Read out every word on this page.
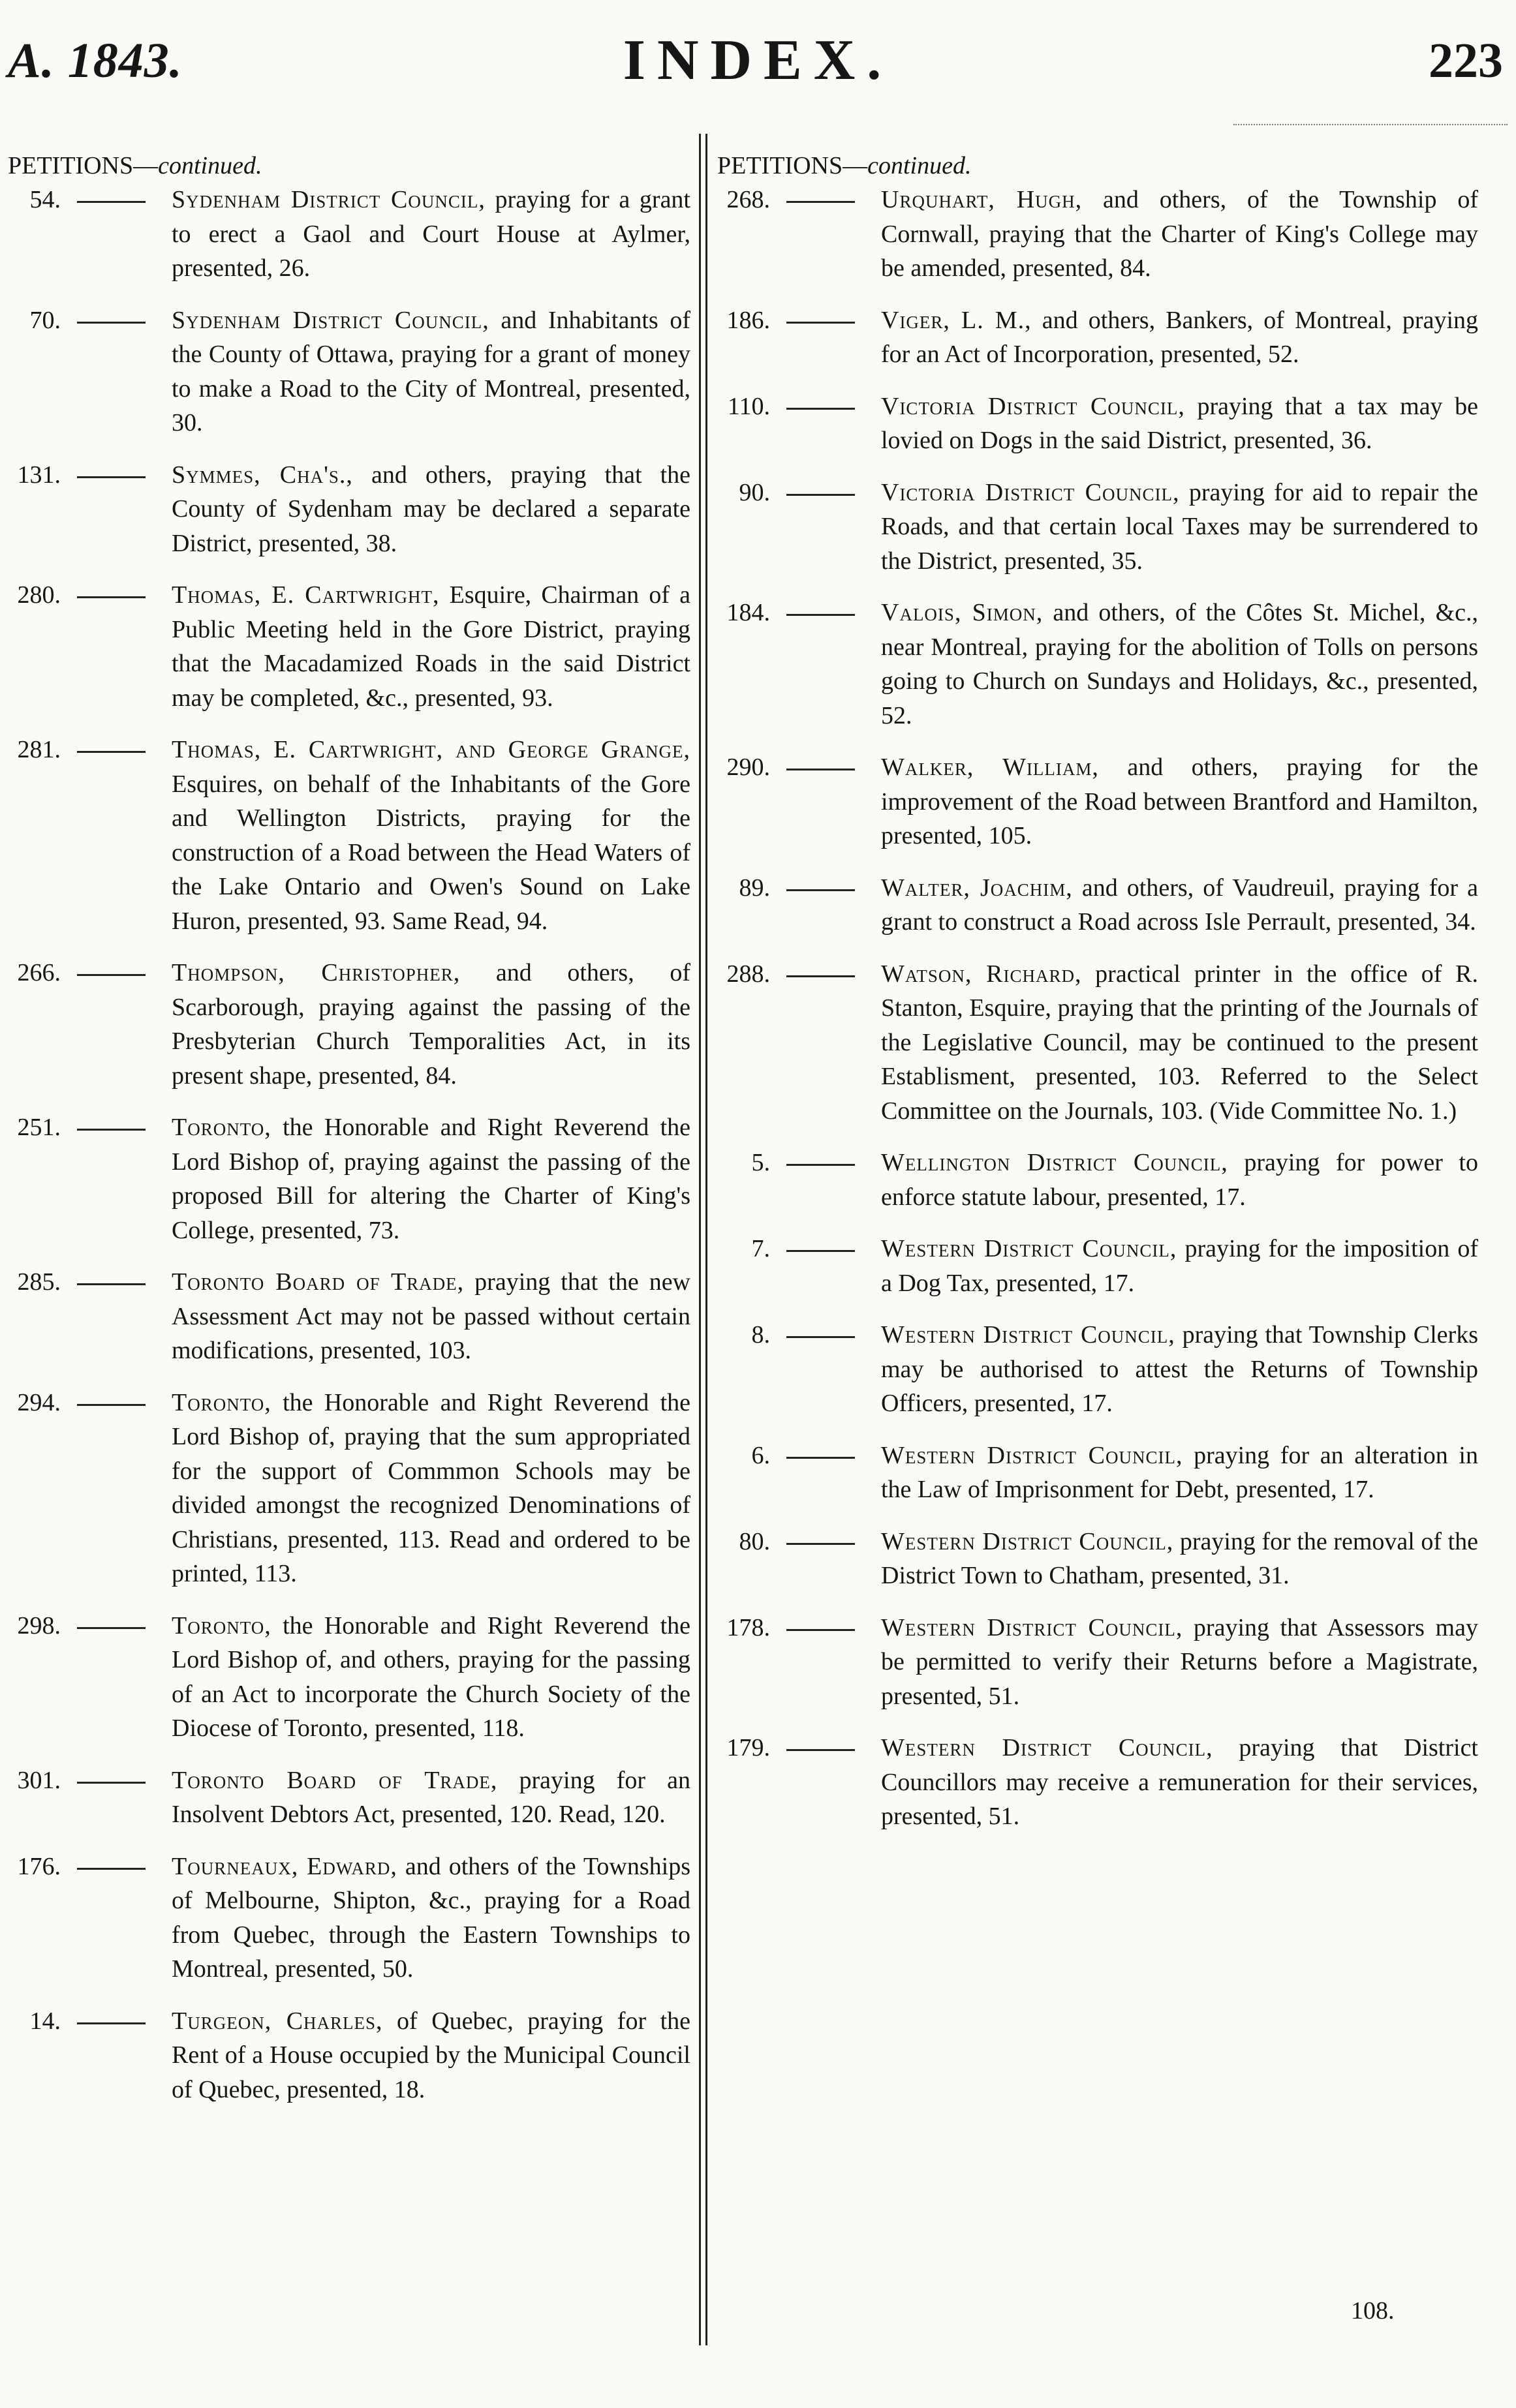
A. 1843.	INDEX.	223
PETITIONS—continued.
54.	Sydenham District Council, praying for a grant to erect a Gaol and Court House at Aylmer, presented, 26.
70.	Sydenham District Council, and Inhabitants of the County of Ottawa, praying for a grant of money to make a Road to the City of Montreal, presented, 30.
131.	Symmes, Cha's., and others, praying that the County of Sydenham may be declared a separate District, presented, 38.
280.	Thomas, E. Cartwright, Esquire, Chairman of a Public Meeting held in the Gore District, praying that the Macadamized Roads in the said District may be completed, &c., presented, 93.
281.	Thomas, E. Cartwright, and George Grange, Esquires, on behalf of the Inhabitants of the Gore and Wellington Districts, praying for the construction of a Road between the Head Waters of the Lake Ontario and Owen's Sound on Lake Huron, presented, 93. Same Read, 94.
266.	Thompson, Christopher, and others, of Scarborough, praying against the passing of the Presbyterian Church Temporalities Act, in its present shape, presented, 84.
251.	Toronto, the Honorable and Right Reverend the Lord Bishop of, praying against the passing of the proposed Bill for altering the Charter of King's College, presented, 73.
285.	Toronto Board of Trade, praying that the new Assessment Act may not be passed without certain modifications, presented, 103.
294.	Toronto, the Honorable and Right Reverend the Lord Bishop of, praying that the sum appropriated for the support of Commmon Schools may be divided amongst the recognized Denominations of Christians, presented, 113. Read and ordered to be printed, 113.
298.	Toronto, the Honorable and Right Reverend the Lord Bishop of, and others, praying for the passing of an Act to incorporate the Church Society of the Diocese of Toronto, presented, 118.
301.	Toronto Board of Trade, praying for an Insolvent Debtors Act, presented, 120. Read, 120.
176.	Tourneaux, Edward, and others of the Townships of Melbourne, Shipton, &c., praying for a Road from Quebec, through the Eastern Townships to Montreal, presented, 50.
14.	Turgeon, Charles, of Quebec, praying for the Rent of a House occupied by the Municipal Council of Quebec, presented, 18.
PETITIONS—continued.
268.	Urquhart, Hugh, and others, of the Township of Cornwall, praying that the Charter of King's College may be amended, presented, 84.
186.	Viger, L. M., and others, Bankers, of Montreal, praying for an Act of Incorporation, presented, 52.
110.	Victoria District Council, praying that a tax may be lovied on Dogs in the said District, presented, 36.
90.	Victoria District Council, praying for aid to repair the Roads, and that certain local Taxes may be surrendered to the District, presented, 35.
184.	Valois, Simon, and others, of the Côtes St. Michel, &c., near Montreal, praying for the abolition of Tolls on persons going to Church on Sundays and Holidays, &c., presented, 52.
290.	Walker, William, and others, praying for the improvement of the Road between Brantford and Hamilton, presented, 105.
89.	Walter, Joachim, and others, of Vaudreuil, praying for a grant to construct a Road across Isle Perrault, presented, 34.
288.	Watson, Richard, practical printer in the office of R. Stanton, Esquire, praying that the printing of the Journals of the Legislative Council, may be continued to the present Establisment, presented, 103. Referred to the Select Committee on the Journals, 103. (Vide Committee No. 1.)
5.	Wellington District Council, praying for power to enforce statute labour, presented, 17.
7.	Western District Council, praying for the imposition of a Dog Tax, presented, 17.
8.	Western District Council, praying that Township Clerks may be authorised to attest the Returns of Township Officers, presented, 17.
6.	Western District Council, praying for an alteration in the Law of Imprisonment for Debt, presented, 17.
80.	Western District Council, praying for the removal of the District Town to Chatham, presented, 31.
178.	Western District Council, praying that Assessors may be permitted to verify their Returns before a Magistrate, presented, 51.
179.	Western District Council, praying that District Councillors may receive a remuneration for their services, presented, 51.
108.
